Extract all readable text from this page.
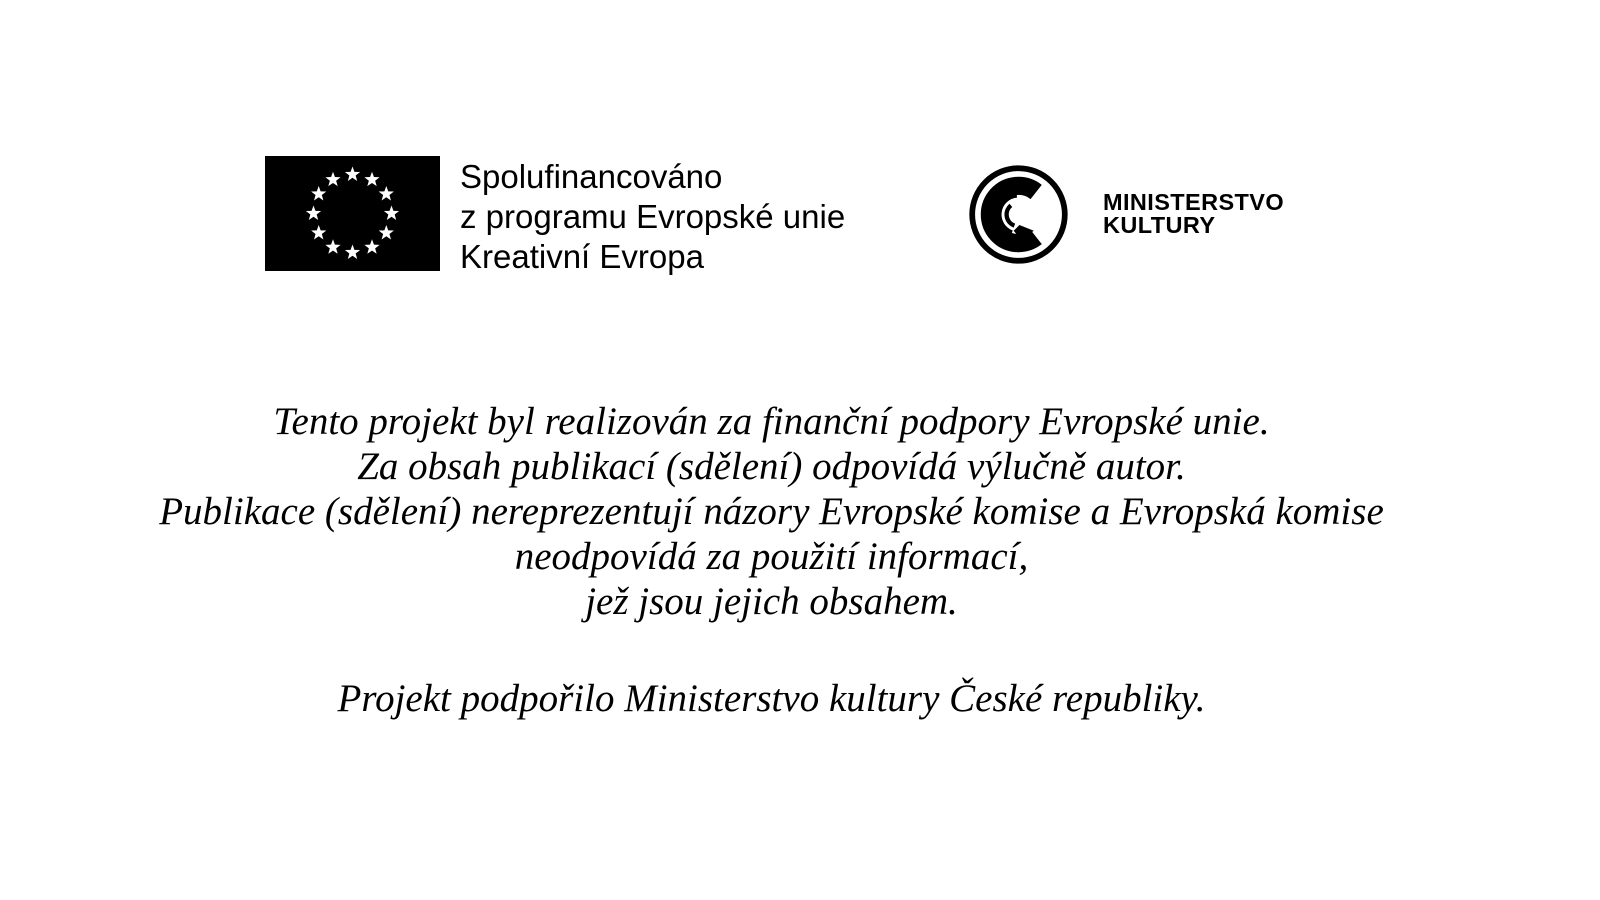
Spolufinancováno
z programu Evropské unie
Kreativní Evropa
MINISTERSTVO
KULTURY
Tento projekt byl realizován za finanční podpory Evropské unie.
Za obsah publikací (sdělení) odpovídá výlučně autor.
Publikace (sdělení) nereprezentují názory Evropské komise a Evropská komise
neodpovídá za použití informací,
jež jsou jejich obsahem.
Projekt podpořilo Ministerstvo kultury České republiky.
